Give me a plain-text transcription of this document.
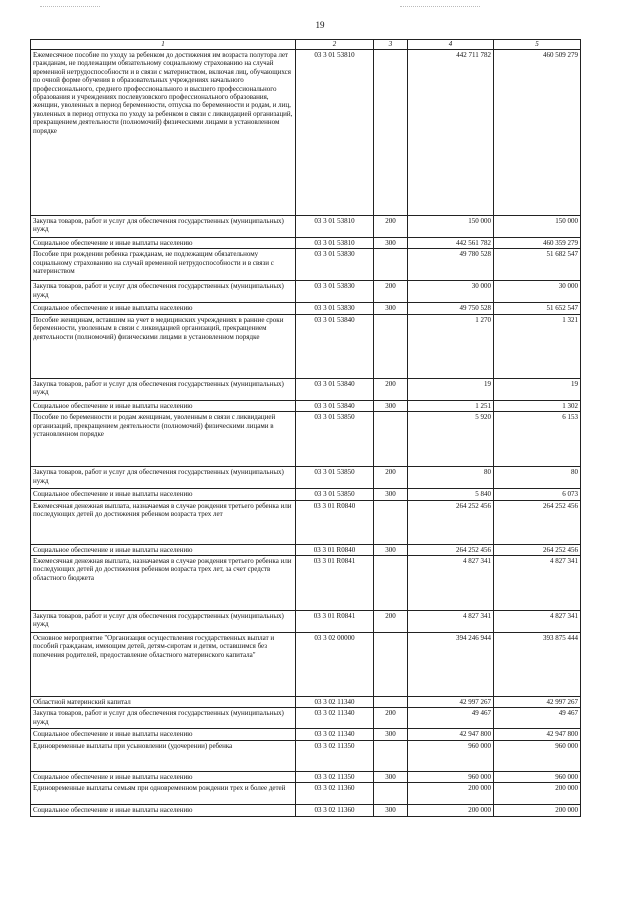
19
1	2	3	4	5
Ежемесячное пособие по уходу за ребенком до достижения им возраста полутора лет гражданам, не подлежащим обязательному социальному страхованию на случай временной нетрудоспособности и в связи с материнством, включая лиц, обучающихся по очной форме обучения в образовательных учреждениях начального профессионального, среднего профессионального и высшего профессионального образования и учреждениях послевузовского профессионального образования, женщин, уволенных в период беременности, отпуска по беременности и родам, и лиц, уволенных в период отпуска по уходу за ребенком в связи с ликвидацией организаций, прекращением деятельности (полномочий) физическими лицами в установленном порядке	03 3 01 53810		442 711 782	460 509 279
Закупка товаров, работ и услуг для обеспечения государственных (муниципальных) нужд	03 3 01 53810	200	150 000	150 000
Социальное обеспечение и иные выплаты населению	03 3 01 53810	300	442 561 782	460 359 279
Пособие при рождении ребенка гражданам, не подлежащим обязательному социальному страхованию на случай временной нетрудоспособности и в связи с материнством	03 3 01 53830		49 780 528	51 682 547
Закупка товаров, работ и услуг для обеспечения государственных (муниципальных) нужд	03 3 01 53830	200	30 000	30 000
Социальное обеспечение и иные выплаты населению	03 3 01 53830	300	49 750 528	51 652 547
Пособие женщинам, вставшим на учет в медицинских учреждениях в ранние сроки беременности, уволенным в связи с ликвидацией организаций, прекращением деятельности (полномочий) физическими лицами в установленном порядке	03 3 01 53840		1 270	1 321
Закупка товаров, работ и услуг для обеспечения государственных (муниципальных) нужд	03 3 01 53840	200	19	19
Социальное обеспечение и иные выплаты населению	03 3 01 53840	300	1 251	1 302
Пособие по беременности и родам женщинам, уволенным в связи с ликвидацией организаций, прекращением деятельности (полномочий) физическими лицами в установленном порядке	03 3 01 53850		5 920	6 153
Закупка товаров, работ и услуг для обеспечения государственных (муниципальных) нужд	03 3 01 53850	200	80	80
Социальное обеспечение и иные выплаты населению	03 3 01 53850	300	5 840	6 073
Ежемесячная денежная выплата, назначаемая в случае рождения третьего ребенка или последующих детей до достижения ребенком возраста трех лет	03 3 01 R0840		264 252 456	264 252 456
Социальное обеспечение и иные выплаты населению	03 3 01 R0840	300	264 252 456	264 252 456
Ежемесячная денежная выплата, назначаемая в случае рождения третьего ребенка или последующих детей до достижения ребенком возраста трех лет, за счет средств областного бюджета	03 3 01 R0841		4 827 341	4 827 341
Закупка товаров, работ и услуг для обеспечения государственных (муниципальных) нужд	03 3 01 R0841	200	4 827 341	4 827 341
Основное мероприятие "Организация осуществления государственных выплат и пособий гражданам, имеющим детей, детям-сиротам и детям, оставшимся без попечения родителей, предоставление областного материнского капитала"	03 3 02 00000		394 246 944	393 875 444
Областной материнский капитал	03 3 02 11340		42 997 267	42 997 267
Закупка товаров, работ и услуг для обеспечения государственных (муниципальных) нужд	03 3 02 11340	200	49 467	49 467
Социальное обеспечение и иные выплаты населению	03 3 02 11340	300	42 947 800	42 947 800
Единовременные выплаты при усыновлении (удочерении) ребенка	03 3 02 11350		960 000	960 000
Социальное обеспечение и иные выплаты населению	03 3 02 11350	300	960 000	960 000
Единовременные выплаты семьям при одновременном рождении трех и более детей	03 3 02 11360		200 000	200 000
Социальное обеспечение и иные выплаты населению	03 3 02 11360	300	200 000	200 000
